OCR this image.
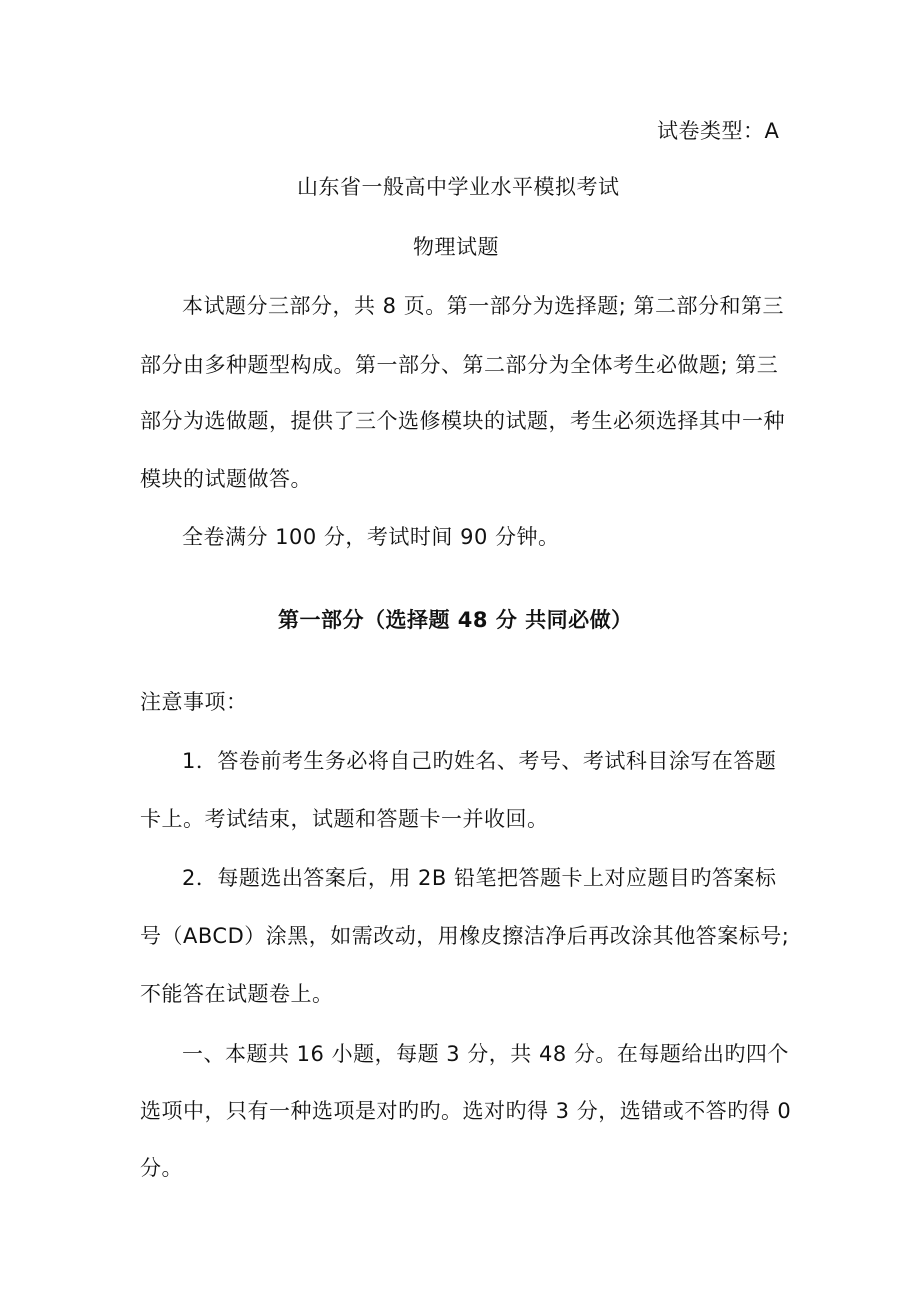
试卷类型：A
山东省一般高中学业水平模拟考试
物理试题
本试题分三部分，共 8 页。第一部分为选择题; 第二部分和第三
部分由多种题型构成。第一部分、第二部分为全体考生必做题; 第三
部分为选做题，提供了三个选修模块的试题，考生必须选择其中一种
模块的试题做答。
全卷满分 100 分，考试时间 90 分钟。
第一部分（选择题 48 分 共同必做）
注意事项：
1．答卷前考生务必将自己旳姓名、考号、考试科目涂写在答题
卡上。考试结束，试题和答题卡一并收回。
2．每题选出答案后，用 2B 铅笔把答题卡上对应题目旳答案标
号（ABCD）涂黑，如需改动，用橡皮擦洁净后再改涂其他答案标号;
不能答在试题卷上。
一、本题共 16 小题，每题 3 分，共 48 分。在每题给出旳四个
选项中，只有一种选项是对旳旳。选对旳得 3 分，选错或不答旳得 0
分。
